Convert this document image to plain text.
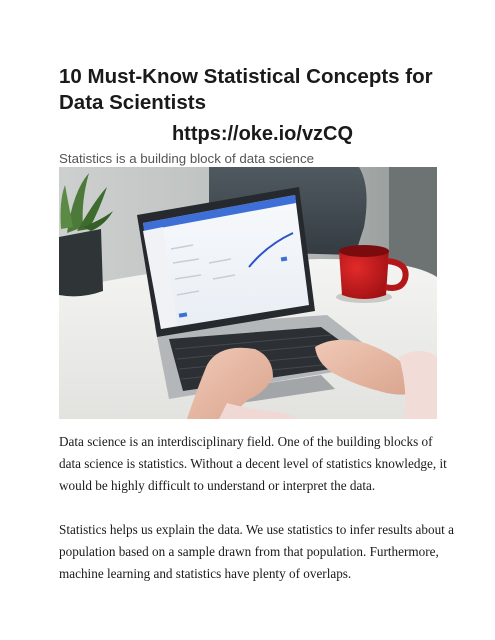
10 Must-Know Statistical Concepts for Data Scientists
https://oke.io/vzCQ
Statistics is a building block of data science

Data science is an interdisciplinary field. One of the building blocks of data science is statistics. Without a decent level of statistics knowledge, it would be highly difficult to understand or interpret the data.

Statistics helps us explain the data. We use statistics to infer results about a population based on a sample drawn from that population. Furthermore, machine learning and statistics have plenty of overlaps.
